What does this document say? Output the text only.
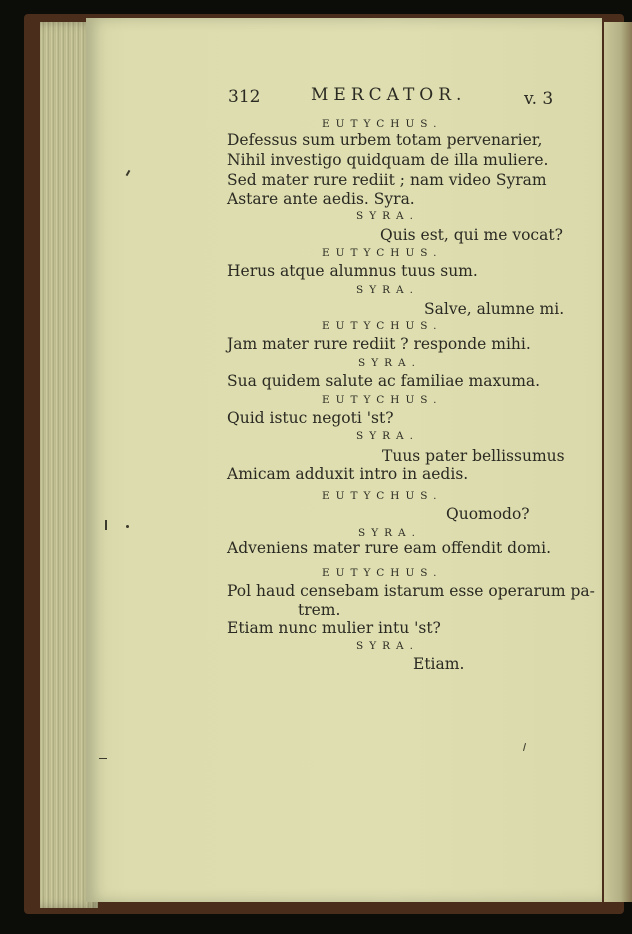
312	MERCATOR.	v. 3
EUTYCHUS.
Defessus sum urbem totam pervenarier,
Nihil investigo quidquam de illa muliere.
Sed mater rure rediit ; nam video Syram
Astare ante aedis. Syra.
SYRA.
Quis est, qui me vocat?
EUTYCHUS.
Herus atque alumnus tuus sum.
SYRA.
Salve, alumne mi.
EUTYCHUS.
Jam mater rure rediit ? responde mihi.
SYRA.
Sua quidem salute ac familiae maxuma.
EUTYCHUS.
Quid istuc negoti 'st?
SYRA.
Tuus pater bellissumus
Amicam adduxit intro in aedis.
EUTYCHUS.
Quomodo?
SYRA.
Adveniens mater rure eam offendit domi.
EUTYCHUS.
Pol haud censebam istarum esse operarum pa-
trem.
Etiam nunc mulier intu 'st?
SYRA.
Etiam.
